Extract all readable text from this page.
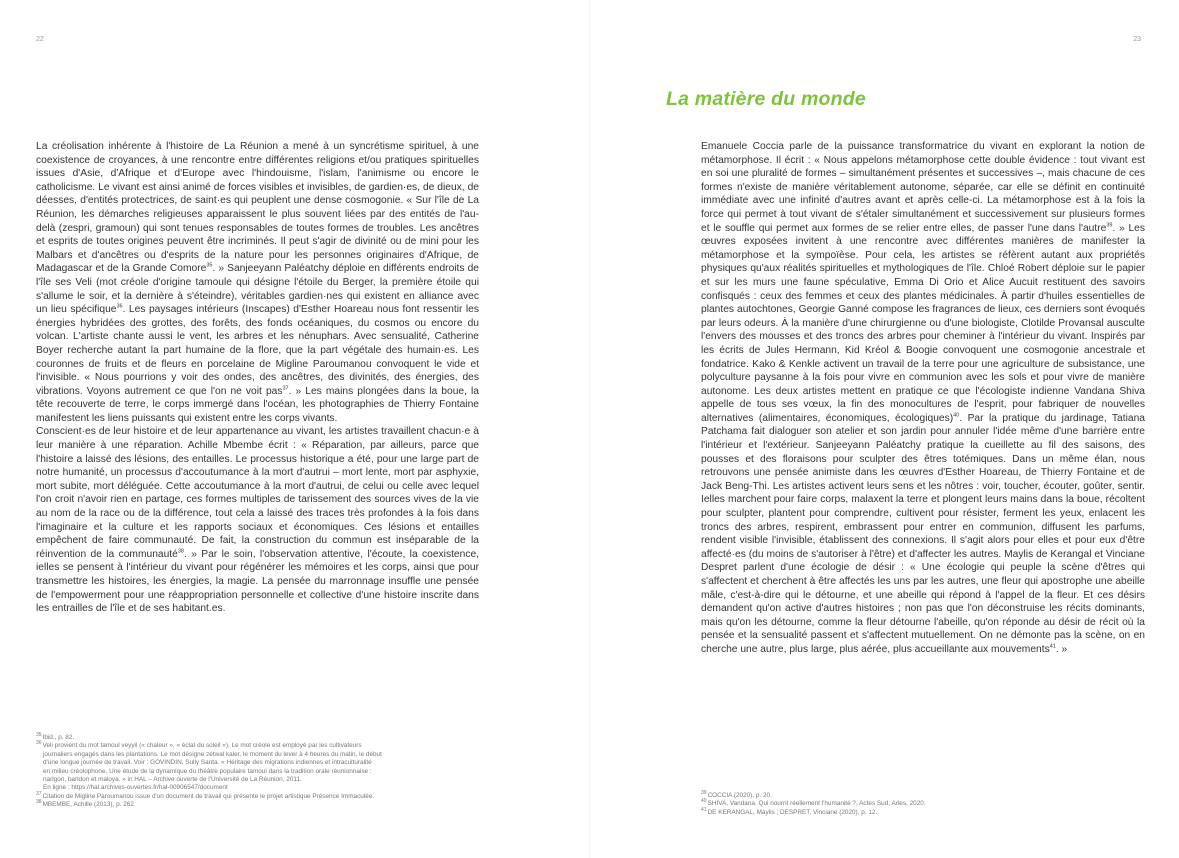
22

La créolisation inhérente à l'histoire de La Réunion a mené à un syncrétisme spirituel, à une coexistence de croyances, à une rencontre entre différentes religions et/ou pratiques spirituelles issues d'Asie, d'Afrique et d'Europe avec l'hindouisme, l'islam, l'animisme ou encore le catholicisme. Le vivant est ainsi animé de forces visibles et invisibles, de gardien·es, de dieux, de déesses, d'entités protectrices, de saint·es qui peuplent une dense cosmogonie. « Sur l'île de La Réunion, les démarches religieuses apparaissent le plus souvent liées par des entités de l'au-delà (zespri, gramoun) qui sont tenues responsables de toutes formes de troubles. Les ancêtres et esprits de toutes origines peuvent être incriminés. Il peut s'agir de divinité ou de mini pour les Malbars et d'ancêtres ou d'esprits de la nature pour les personnes originaires d'Afrique, de Madagascar et de la Grande Comore$^{35}$. » Sanjeeyann Paléatchy déploie en différents endroits de l'île ses Veli (mot créole d'origine tamoule qui désigne l'étoile du Berger, la première étoile qui s'allume le soir, et la dernière à s'éteindre), véritables gardien·nes qui existent en alliance avec un lieu spécifique$^{36}$. Les paysages intérieurs (Inscapes) d'Esther Hoareau nous font ressentir les énergies hybridées des grottes, des forêts, des fonds océaniques, du cosmos ou encore du volcan. L'artiste chante aussi le vent, les arbres et les nénuphars. Avec sensualité, Catherine Boyer recherche autant la part humaine de la flore, que la part végétale des humain·es. Les couronnes de fruits et de fleurs en porcelaine de Migline Paroumanou convoquent le vide et l'invisible. « Nous pourrions y voir des ondes, des ancêtres, des divinités, des énergies, des vibrations. Voyons autrement ce que l'on ne voit pas$^{37}$. » Les mains plongées dans la boue, la tête recouverte de terre, le corps immergé dans l'océan, les photographies de Thierry Fontaine manifestent les liens puissants qui existent entre les corps vivants.

Conscient·es de leur histoire et de leur appartenance au vivant, les artistes travaillent chacun·e à leur manière à une réparation. Achille Mbembe écrit : « Réparation, par ailleurs, parce que l'histoire a laissé des lésions, des entailles. Le processus historique a été, pour une large part de notre humanité, un processus d'accoutumance à la mort d'autrui – mort lente, mort par asphyxie, mort subite, mort déléguée. Cette accoutumance à la mort d'autrui, de celui ou celle avec lequel l'on croit n'avoir rien en partage, ces formes multiples de tarissement des sources vives de la vie au nom de la race ou de la différence, tout cela a laissé des traces très profondes à la fois dans l'imaginaire et la culture et les rapports sociaux et économiques. Ces lésions et entailles empêchent de faire communauté. De fait, la construction du commun est inséparable de la réinvention de la communauté$^{38}$. » Par le soin, l'observation attentive, l'écoute, la coexistence, ielles se pensent à l'intérieur du vivant pour régénérer les mémoires et les corps, ainsi que pour transmettre les histoires, les énergies, la magie. La pensée du marronnage insuffle une pensée de l'empowerment pour une réappropriation personnelle et collective d'une histoire inscrite dans les entrailles de l'île et de ses habitant.es.

$^{35}$Ibid., p. 82.

$^{36}$Veli provient du mot tamoul veyyil (« chaleur », « éclat du soleil »). Le mot créole est employé par les cultivateurs

journaliers engagés dans les plantations. Le mot désigne zétwal kaler, le moment du lever à 4 heures du matin, le début

d'une longue journée de travail. Voir : GOVINDIN, Sully Santa. « Héritage des migrations indiennes et intraculturalité

en milieu créolophone. Une étude de la dynamique du théâtre populaire tamoul dans la tradition orale réunionnaise :

narlgon, barldon et maloya. » in HAL – Archive ouverte de l'Université de La Réunion, 2011.

En ligne : https://hal.archives-ouvertes.fr/hal-00906547/document

$^{37}$Citation de Migline Paroumanou issue d'un document de travail qui présente le projet artistique Présence Immaculée.

$^{38}$MBEMBE, Achille (2013), p. 262.

23
La matière du monde

Emanuele Coccia parle de la puissance transformatrice du vivant en explorant la notion de métamorphose. Il écrit : « Nous appelons métamorphose cette double évidence : tout vivant est en soi une pluralité de formes – simultanément présentes et successives –, mais chacune de ces formes n'existe de manière véritablement autonome, séparée, car elle se définit en continuité immédiate avec une infinité d'autres avant et après celle-ci. La métamorphose est à la fois la force qui permet à tout vivant de s'étaler simultanément et successivement sur plusieurs formes et le souffle qui permet aux formes de se relier entre elles, de passer l'une dans l'autre$^{39}$. » Les œuvres exposées invitent à une rencontre avec différentes manières de manifester la métamorphose et la sympoïèse. Pour cela, les artistes se réfèrent autant aux propriétés physiques qu'aux réalités spirituelles et mythologiques de l'île. Chloé Robert déploie sur le papier et sur les murs une faune spéculative, Emma Di Orio et Alice Aucuit restituent des savoirs confisqués : ceux des femmes et ceux des plantes médicinales. À partir d'huiles essentielles de plantes autochtones, Georgie Ganné compose les fragrances de lieux, ces derniers sont évoqués par leurs odeurs. À la manière d'une chirurgienne ou d'une biologiste, Clotilde Provansal ausculte l'envers des mousses et des troncs des arbres pour cheminer à l'intérieur du vivant. Inspirés par les écrits de Jules Hermann, Kid Kréol & Boogie convoquent une cosmogonie ancestrale et fondatrice. Kako & Kenkle activent un travail de la terre pour une agriculture de subsistance, une polyculture paysanne à la fois pour vivre en communion avec les sols et pour vivre de manière autonome. Les deux artistes mettent en pratique ce que l'écologiste indienne Vandana Shiva appelle de tous ses vœux, la fin des monocultures de l'esprit, pour fabriquer de nouvelles alternatives (alimentaires, économiques, écologiques)$^{40}$. Par la pratique du jardinage, Tatiana Patchama fait dialoguer son atelier et son jardin pour annuler l'idée même d'une barrière entre l'intérieur et l'extérieur. Sanjeeyann Paléatchy pratique la cueillette au fil des saisons, des pousses et des floraisons pour sculpter des êtres totémiques. Dans un même élan, nous retrouvons une pensée animiste dans les œuvres d'Esther Hoareau, de Thierry Fontaine et de Jack Beng-Thi. Les artistes activent leurs sens et les nôtres : voir, toucher, écouter, goûter, sentir. Ielles marchent pour faire corps, malaxent la terre et plongent leurs mains dans la boue, récoltent pour sculpter, plantent pour comprendre, cultivent pour résister, ferment les yeux, enlacent les troncs des arbres, respirent, embrassent pour entrer en communion, diffusent les parfums, rendent visible l'invisible, établissent des connexions. Il s'agit alors pour elles et pour eux d'être affecté·es (du moins de s'autoriser à l'être) et d'affecter les autres. Maylis de Kerangal et Vinciane Despret parlent d'une écologie de désir : « Une écologie qui peuple la scène d'êtres qui s'affectent et cherchent à être affectés les uns par les autres, une fleur qui apostrophe une abeille mâle, c'est-à-dire qui le détourne, et une abeille qui répond à l'appel de la fleur. Et ces désirs demandent qu'on active d'autres histoires ; non pas que l'on déconstruise les récits dominants, mais qu'on les détourne, comme la fleur détourne l'abeille, qu'on réponde au désir de récit où la pensée et la sensualité passent et s'affectent mutuellement. On ne démonte pas la scène, on en cherche une autre, plus large, plus aérée, plus accueillante aux mouvements$^{41}$. »

$^{39}$COCCIA (2020), p. 20.

$^{40}$SHIVA, Vandana. Qui nourrit réellement l'humanité ?, Actes Sud, Arles, 2020.

$^{41}$DE KERANGAL, Maylis ; DESPRET, Vinciane (2020), p. 12.
